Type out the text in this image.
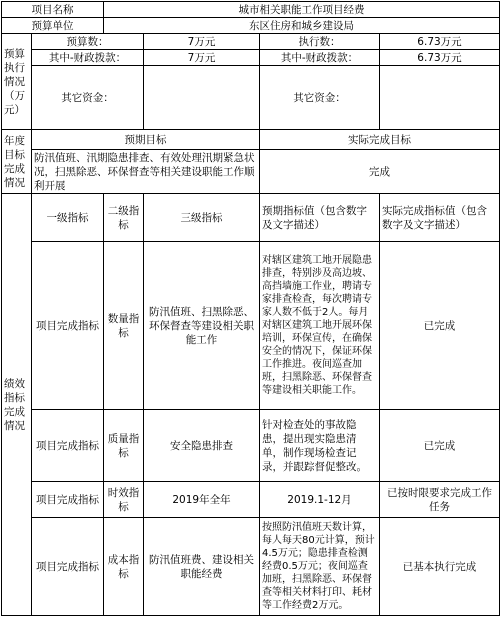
项目名称		城市相关职能工作项目经费			
预算单位		东区住房和城乡建设局			
预算执行情况（万元）	预算数：		7万元	执行数：	6.73万元
	其中-财政拨款：		7万元	其中-财政拨款：	6.73万元
	其它资金：			其它资金：	
年度目标完成情况	预期目标			实际完成目标	
	防汛值班、汛期隐患排查、有效处理汛期紧急状况，扫黑除恶、环保督查等相关建设职能工作顺利开展			完成	
绩效指标完成情况	一级指标	二级指标	三级指标	预期指标值（包含数字及文字描述）	实际完成指标值（包含数字及文字描述）
	项目完成指标	数量指标	防汛值班、扫黑除恶、环保督查等建设相关职能工作	对辖区建筑工地开展隐患排查，特别涉及高边坡、高挡墙施工作业，聘请专家排查检查，每次聘请专家人数不低于2人。每月对辖区建筑工地开展环保培训，环保宣传，在确保安全的情况下，保证环保工作推进。夜间巡查加班，扫黑除恶、环保督查等建设相关职能工作。	已完成
	项目完成指标	质量指标	安全隐患排查	针对检查处的事故隐患，提出现实隐患清单，制作现场检查记录，并跟踪督促整改。	已完成
	项目完成指标	时效指标	2019年全年	2019.1-12月	已按时限要求完成工作任务
	项目完成指标	成本指标	防汛值班费、建设相关职能经费	按照防汛值班天数计算，每人每天80元计算，预计4.5万元；隐患排查检测经费0.5万元；夜间巡查加班，扫黑除恶、环保督查等相关材料打印、耗材等工作经费2万元。	已基本执行完成
